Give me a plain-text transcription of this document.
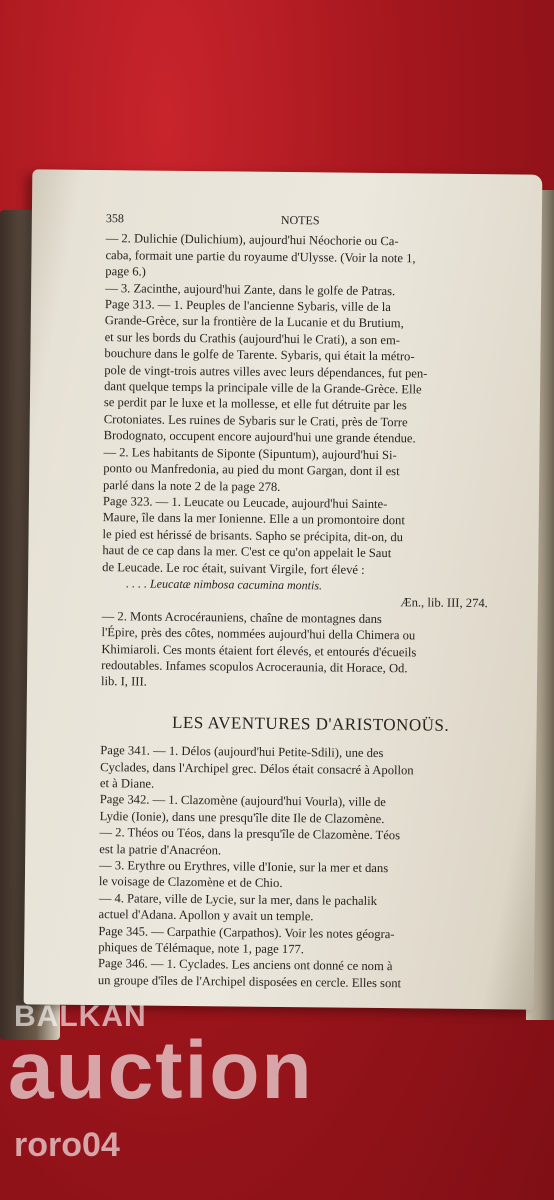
358	NOTES
— 2. Dulichie (Dulichium), aujourd'hui Néochorie ou Ca-
caba, formait une partie du royaume d'Ulysse. (Voir la note 1,
page 6.)
— 3. Zacinthe, aujourd'hui Zante, dans le golfe de Patras.
Page 313. — 1. Peuples de l'ancienne Sybaris, ville de la
Grande-Grèce, sur la frontière de la Lucanie et du Brutium,
et sur les bords du Crathis (aujourd'hui le Crati), a son em-
bouchure dans le golfe de Tarente. Sybaris, qui était la métro-
pole de vingt-trois autres villes avec leurs dépendances, fut pen-
dant quelque temps la principale ville de la Grande-Grèce. Elle
se perdit par le luxe et la mollesse, et elle fut détruite par les
Crotoniates. Les ruines de Sybaris sur le Crati, près de Torre
Brodognato, occupent encore aujourd'hui une grande étendue.
— 2. Les habitants de Siponte (Sipuntum), aujourd'hui Si-
ponto ou Manfredonia, au pied du mont Gargan, dont il est
parlé dans la note 2 de la page 278.
Page 323. — 1. Leucate ou Leucade, aujourd'hui Sainte-
Maure, île dans la mer Ionienne. Elle a un promontoire dont
le pied est hérissé de brisants. Sapho se précipita, dit-on, du
haut de ce cap dans la mer. C'est ce qu'on appelait le Saut
de Leucade. Le roc était, suivant Virgile, fort élevé :
. . . . Leucatæ nimbosa cacumina montis.
Æn., lib. III, 274.
— 2. Monts Acrocérauniens, chaîne de montagnes dans
l'Épire, près des côtes, nommées aujourd'hui della Chimera ou
Khimiaroli. Ces monts étaient fort élevés, et entourés d'écueils
redoutables. Infames scopulos Acroceraunia, dit Horace, Od.
lib. I, III.
LES AVENTURES D'ARISTONOÜS.
Page 341. — 1. Délos (aujourd'hui Petite-Sdili), une des
Cyclades, dans l'Archipel grec. Délos était consacré à Apollon
et à Diane.
Page 342. — 1. Clazomène (aujourd'hui Vourla), ville de
Lydie (Ionie), dans une presqu'île dite Ile de Clazomène.
— 2. Théos ou Téos, dans la presqu'île de Clazomène. Téos
est la patrie d'Anacréon.
— 3. Erythre ou Erythres, ville d'Ionie, sur la mer et dans
le voisage de Clazomène et de Chio.
— 4. Patare, ville de Lycie, sur la mer, dans le pachalik
actuel d'Adana. Apollon y avait un temple.
Page 345. — Carpathie (Carpathos). Voir les notes géogra-
phiques de Télémaque, note 1, page 177.
Page 346. — 1. Cyclades. Les anciens ont donné ce nom à
un groupe d'îles de l'Archipel disposées en cercle. Elles sont
BALKAN
auction
roro04
